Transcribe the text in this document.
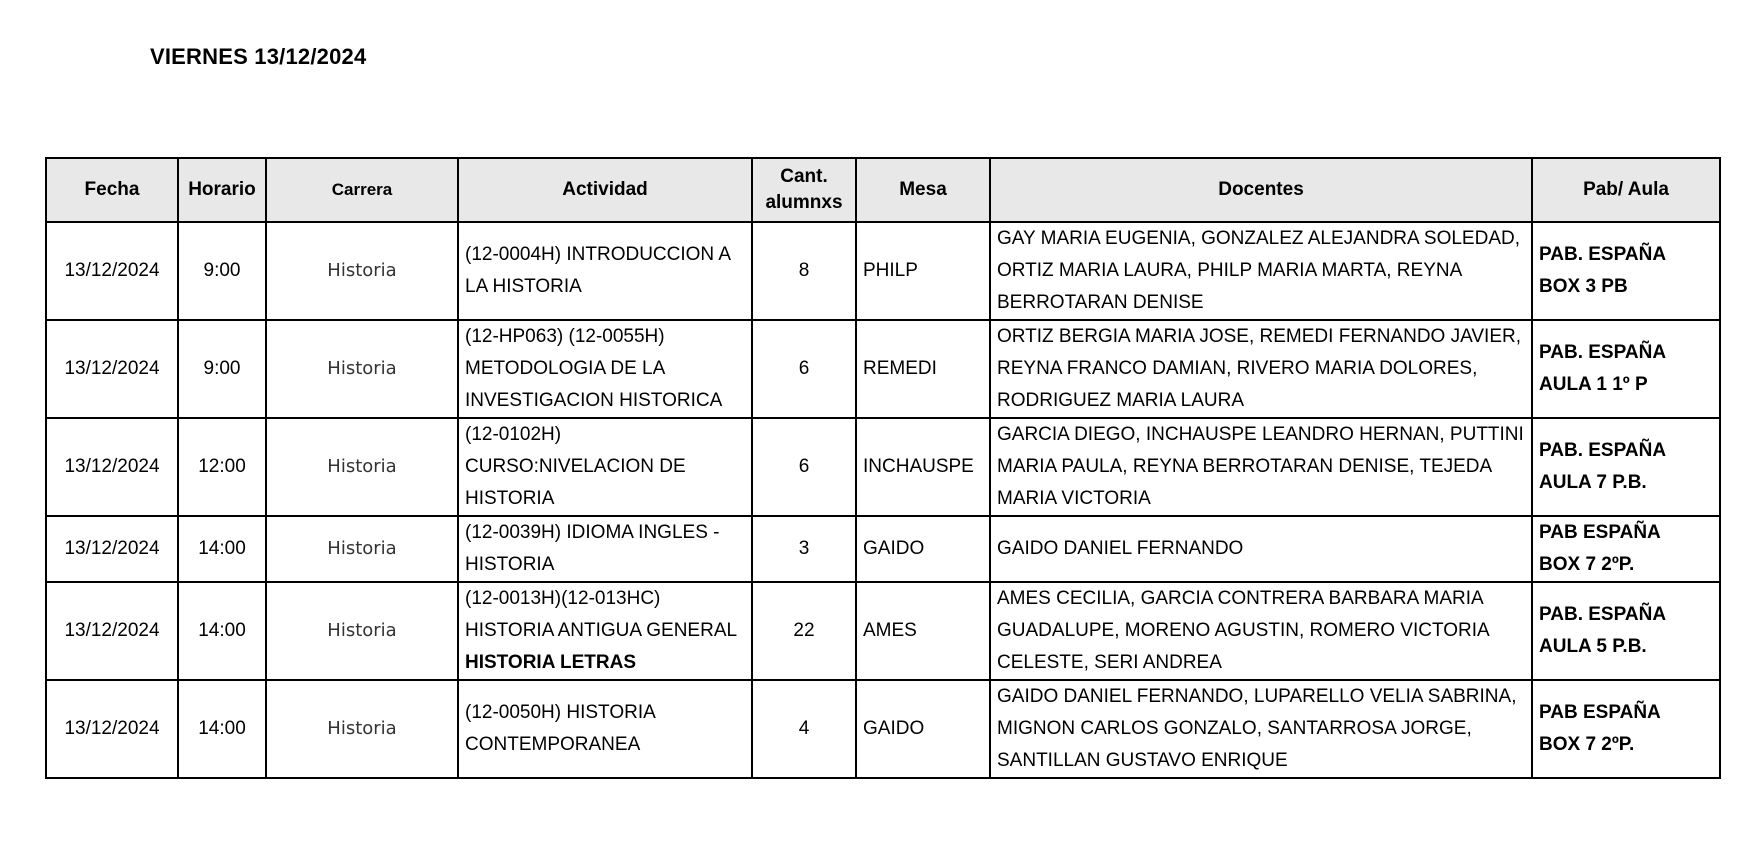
VIERNES 13/12/2024
Fecha	Horario	Carrera	Actividad	Cant.
alumnxs	Mesa	Docentes	Pab/ Aula
13/12/2024	9:00	Historia	(12-0004H) INTRODUCCION A
LA HISTORIA	8	PHILP	GAY MARIA EUGENIA, GONZALEZ ALEJANDRA SOLEDAD,
ORTIZ MARIA LAURA, PHILP MARIA MARTA, REYNA
BERROTARAN DENISE	PAB. ESPAÑA
BOX 3 PB

13/12/2024	9:00	Historia	(12-HP063) (12-0055H)
METODOLOGIA DE LA
INVESTIGACION HISTORICA	6	REMEDI	ORTIZ BERGIA MARIA JOSE, REMEDI FERNANDO JAVIER,
REYNA FRANCO DAMIAN, RIVERO MARIA DOLORES,
RODRIGUEZ MARIA LAURA	PAB. ESPAÑA
AULA 1 1º P

13/12/2024	12:00	Historia	(12-0102H)
CURSO:NIVELACION DE
HISTORIA	6	INCHAUSPE	GARCIA DIEGO, INCHAUSPE LEANDRO HERNAN, PUTTINI
MARIA PAULA, REYNA BERROTARAN DENISE, TEJEDA
MARIA VICTORIA	PAB. ESPAÑA
AULA 7 P.B.

13/12/2024	14:00	Historia	(12-0039H) IDIOMA INGLES -
HISTORIA	3	GAIDO	GAIDO DANIEL FERNANDO	PAB ESPAÑA
BOX 7 2ºP.

13/12/2024	14:00	Historia	(12-0013H)(12-013HC)
HISTORIA ANTIGUA GENERAL
HISTORIA LETRAS	22	AMES	AMES CECILIA, GARCIA CONTRERA BARBARA MARIA
GUADALUPE, MORENO AGUSTIN, ROMERO VICTORIA
CELESTE, SERI ANDREA	PAB. ESPAÑA
AULA 5 P.B.

13/12/2024	14:00	Historia	(12-0050H) HISTORIA
CONTEMPORANEA	4	GAIDO	GAIDO DANIEL FERNANDO, LUPARELLO VELIA SABRINA,
MIGNON CARLOS GONZALO, SANTARROSA JORGE,
SANTILLAN GUSTAVO ENRIQUE	PAB ESPAÑA
BOX 7 2ºP.
